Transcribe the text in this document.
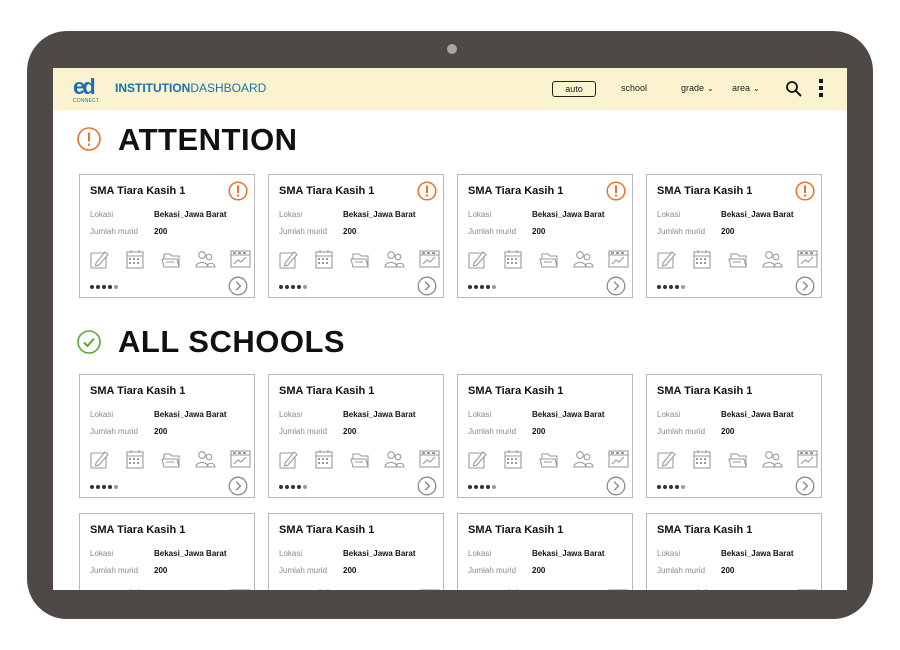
ed
CONNECT
INSTITUTIONDASHBOARD	auto	school	grade ⌄ area ⌄
ATTENTION
ALL SCHOOLS
SMA Tiara Kasih 1
Lokasi	Bekasi_Jawa Barat
Jumlah murid 200
SMA Tiara Kasih 1
Lokasi	Bekasi_Jawa Barat
Jumlah murid 200
SMA Tiara Kasih 1
Lokasi	Bekasi_Jawa Barat
Jumlah murid 200
SMA Tiara Kasih 1
Lokasi	Bekasi_Jawa Barat
Jumlah murid 200
SMA Tiara Kasih 1
Lokasi	Bekasi_Jawa Barat
Jumlah murid 200
SMA Tiara Kasih 1
Lokasi	Bekasi_Jawa Barat
Jumlah murid 200
SMA Tiara Kasih 1
Lokasi	Bekasi_Jawa Barat
Jumlah murid 200
SMA Tiara Kasih 1
Lokasi	Bekasi_Jawa Barat
Jumlah murid 200
SMA Tiara Kasih 1
Lokasi	Bekasi_Jawa Barat
Jumlah murid 200
SMA Tiara Kasih 1
Lokasi	Bekasi_Jawa Barat
Jumlah murid 200
SMA Tiara Kasih 1
Lokasi	Bekasi_Jawa Barat
Jumlah murid 200
SMA Tiara Kasih 1
Lokasi	Bekasi_Jawa Barat
Jumlah murid 200
